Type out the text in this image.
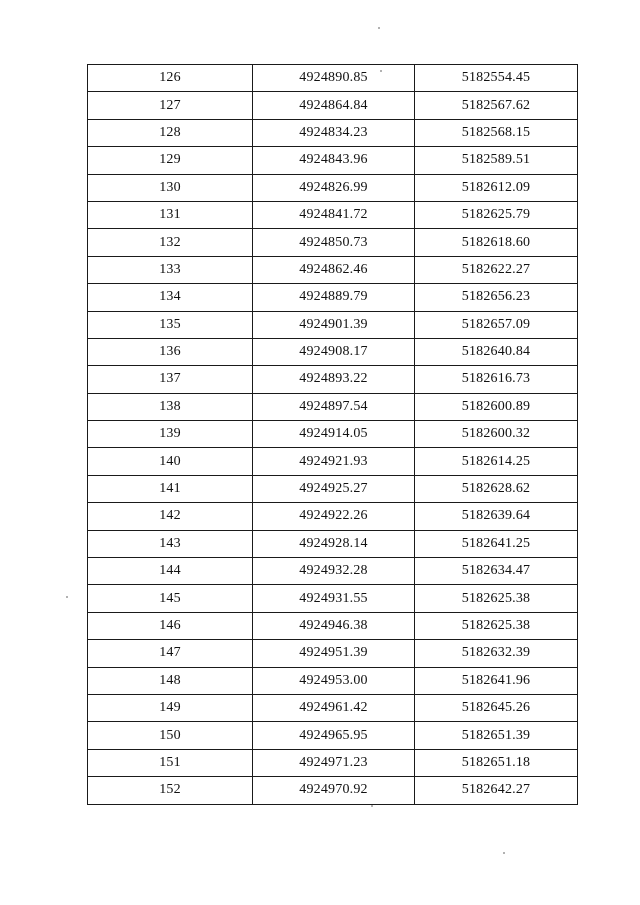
126	4924890.85	5182554.45
127	4924864.84	5182567.62
128	4924834.23	5182568.15
129	4924843.96	5182589.51
130	4924826.99	5182612.09
131	4924841.72	5182625.79
132	4924850.73	5182618.60
133	4924862.46	5182622.27
134	4924889.79	5182656.23
135	4924901.39	5182657.09
136	4924908.17	5182640.84
137	4924893.22	5182616.73
138	4924897.54	5182600.89
139	4924914.05	5182600.32
140	4924921.93	5182614.25
141	4924925.27	5182628.62
142	4924922.26	5182639.64
143	4924928.14	5182641.25
144	4924932.28	5182634.47
145	4924931.55	5182625.38
146	4924946.38	5182625.38
147	4924951.39	5182632.39
148	4924953.00	5182641.96
149	4924961.42	5182645.26
150	4924965.95	5182651.39
151	4924971.23	5182651.18
152	4924970.92	5182642.27
